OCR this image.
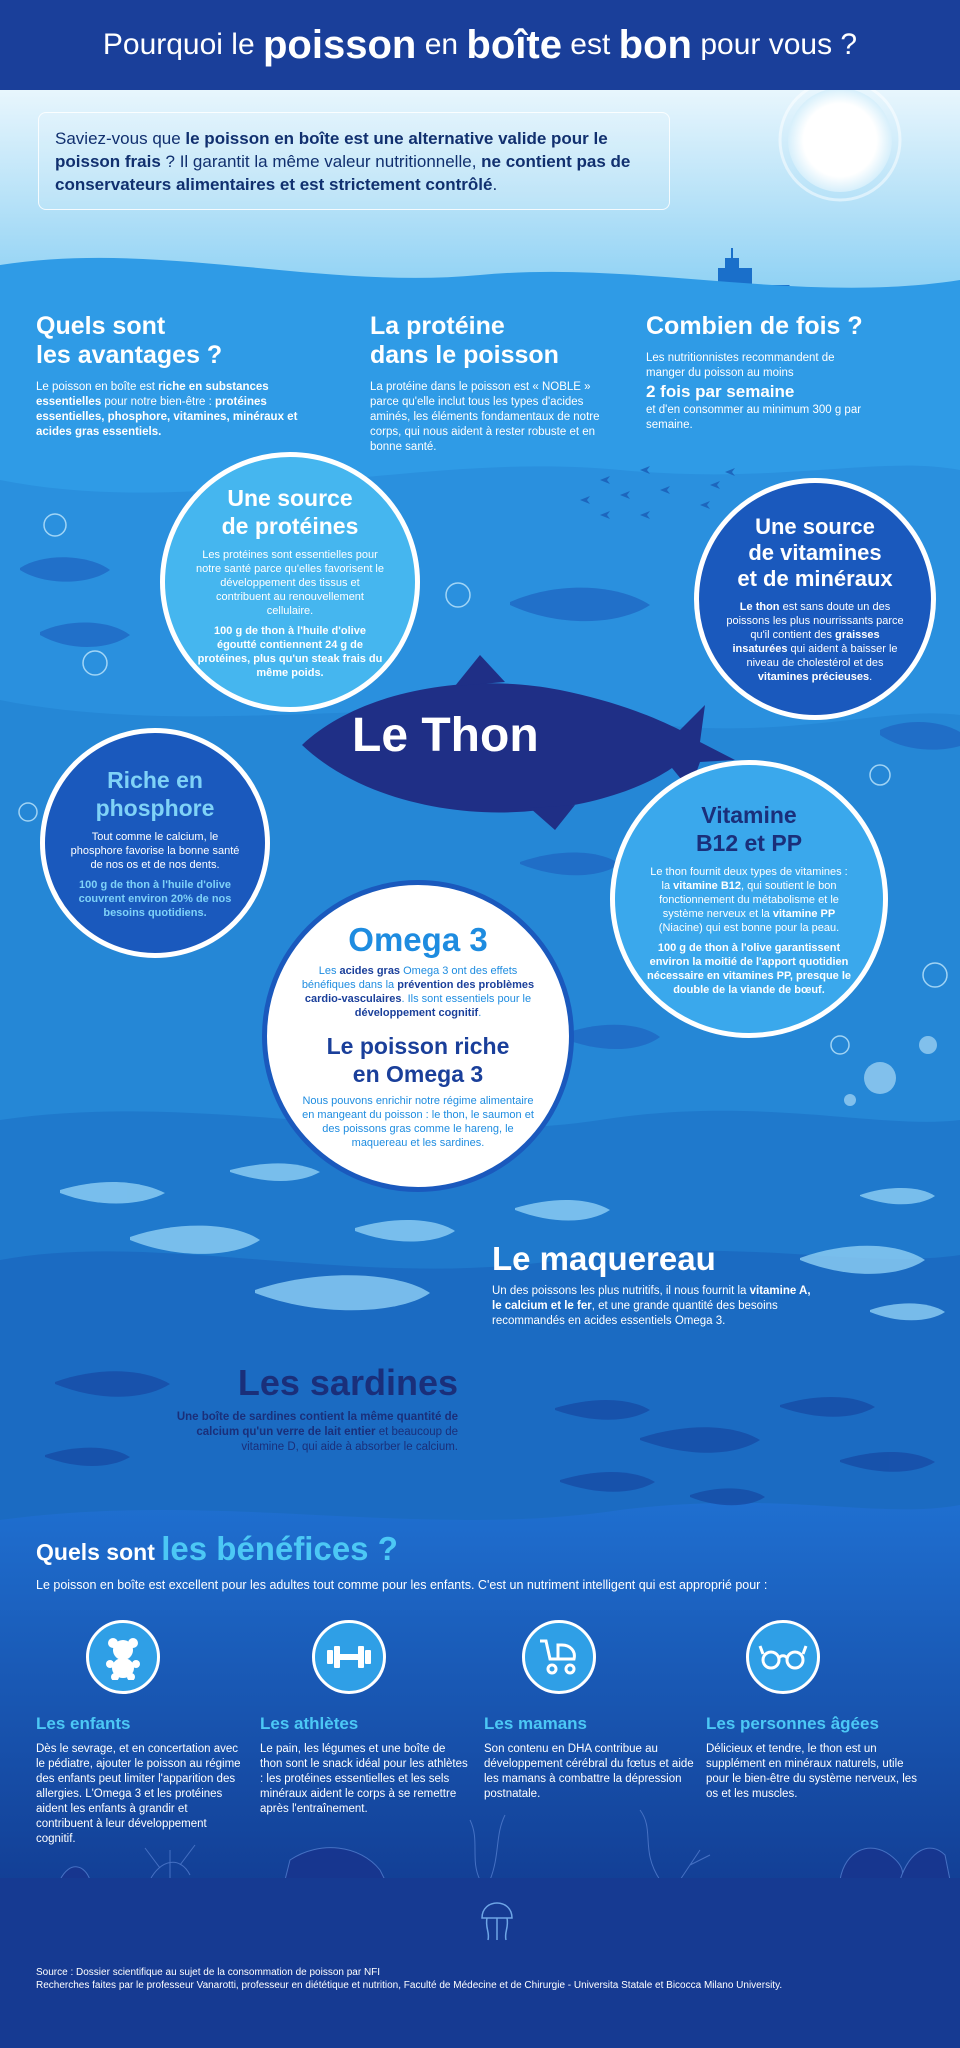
Pourquoi le
poisson
en
boîte
est
bon
pour vous ?
Saviez-vous que le poisson en boîte est une alternative valide pour le poisson frais ? Il garantit la même valeur nutritionnelle, ne contient pas de conservateurs alimentaires et est strictement contrôlé.
Quels sont
les avantages ?

Le poisson en boîte est riche en substances essentielles pour notre bien-être : protéines essentielles, phosphore, vitamines, minéraux et acides gras essentiels.

La protéine
dans le poisson

La protéine dans le poisson est « NOBLE » parce qu'elle inclut tous les types d'acides aminés, les éléments fondamentaux de notre corps, qui nous aident à rester robuste et en bonne santé.

Combien de fois ?

Les nutritionnistes recommandent de manger du poisson au moins

2 fois par semaine

et d'en consommer au minimum 300 g par semaine.

Le Thon
Une source
de protéines

Les protéines sont essentielles pour notre santé parce qu'elles favorisent le développement des tissus et contribuent au renouvellement cellulaire.

100 g de thon à l'huile d'olive égoutté contiennent 24 g de protéines, plus qu'un steak frais du même poids.

Une source
de vitamines
et de minéraux

Le thon est sans doute un des poissons les plus nourrissants parce qu'il contient des graisses insaturées qui aident à baisser le niveau de cholestérol et des vitamines précieuses.

Riche en
phosphore

Tout comme le calcium, le phosphore favorise la bonne santé de nos os et de nos dents.

100 g de thon à l'huile d'olive couvrent environ 20% de nos besoins quotidiens.

Vitamine
B12 et PP

Le thon fournit deux types de vitamines : la vitamine B12, qui soutient le bon fonctionnement du métabolisme et le système nerveux et la vitamine PP (Niacine) qui est bonne pour la peau.

100 g de thon à l'olive garantissent environ la moitié de l'apport quotidien nécessaire en vitamines PP, presque le double de la viande de bœuf.

Omega 3

Les acides gras Omega 3 ont des effets bénéfiques dans la prévention des problèmes cardio-vasculaires. Ils sont essentiels pour le développement cognitif.

Le poisson riche
en Omega 3

Nous pouvons enrichir notre régime alimentaire en mangeant du poisson : le thon, le saumon et des poissons gras comme le hareng, le maquereau et les sardines.

Le maquereau

Un des poissons les plus nutritifs, il nous fournit la vitamine A, le calcium et le fer, et une grande quantité des besoins recommandés en acides essentiels Omega 3.

Les sardines

Une boîte de sardines contient la même quantité de calcium qu'un verre de lait entier et beaucoup de vitamine D, qui aide à absorber le calcium.

Quels sont les bénéfices ?

Le poisson en boîte est excellent pour les adultes tout comme pour les enfants. C'est un nutriment intelligent qui est approprié pour :

Les enfants

Dès le sevrage, et en concertation avec le pédiatre, ajouter le poisson au régime des enfants peut limiter l'apparition des allergies. L'Omega 3 et les protéines aident les enfants à grandir et contribuent à leur développement cognitif.

Les athlètes

Le pain, les légumes et une boîte de thon sont le snack idéal pour les athlètes : les protéines essentielles et les sels minéraux aident le corps à se remettre après l'entraînement.

Les mamans

Son contenu en DHA contribue au développement cérébral du fœtus et aide les mamans à combattre la dépression postnatale.

Les personnes âgées

Délicieux et tendre, le thon est un supplément en minéraux naturels, utile pour le bien-être du système nerveux, les os et les muscles.

Source : Dossier scientifique au sujet de la consommation de poisson par NFI

Recherches faites par le professeur Vanarotti, professeur en diététique et nutrition, Faculté de Médecine et de Chirurgie - Universita Statale et Bicocca Milano University.
